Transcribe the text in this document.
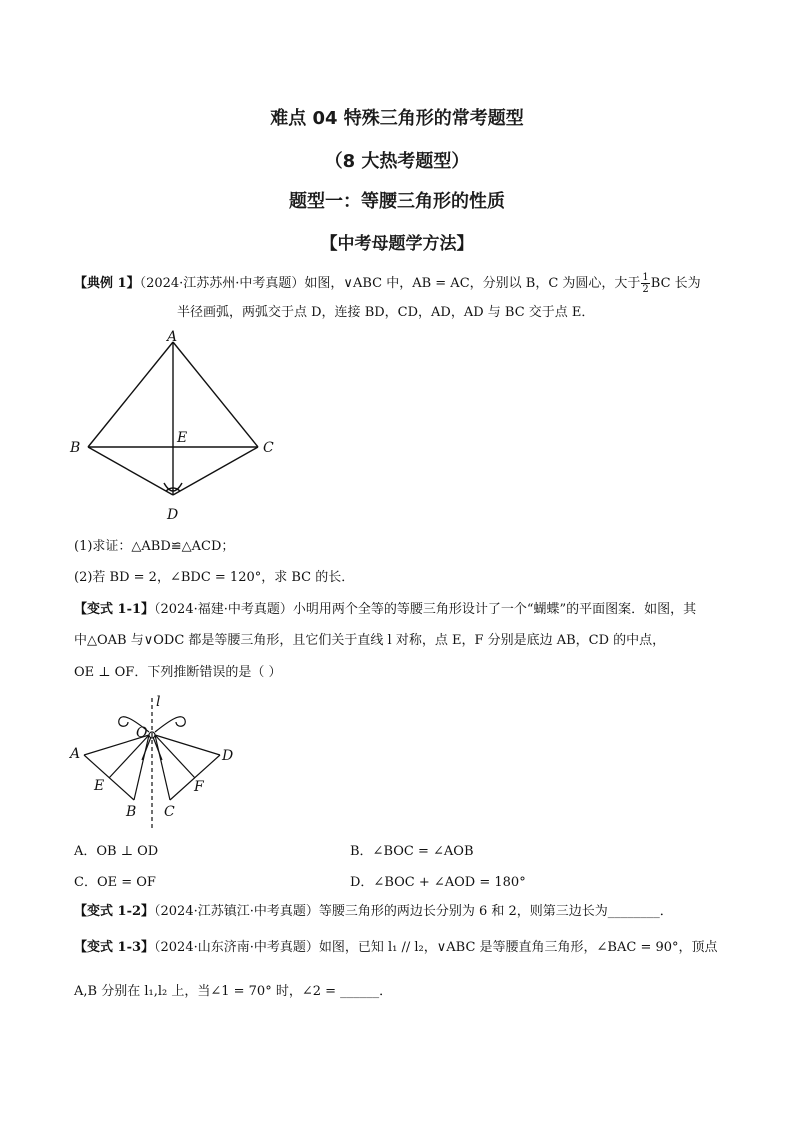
难点 04 特殊三角形的常考题型
（8 大热考题型）
题型一：等腰三角形的性质
【中考母题学方法】
【典例 1】（2024·江苏苏州·中考真题）如图，∨ABC 中，AB = AC，分别以 B，C 为圆心，大于 $\frac{1}{2}$ BC 长为
半径画弧，两弧交于点 D，连接 BD，CD，AD，AD 与 BC 交于点 E．
A
B	C
D
E
(1)求证：△ABD≌△ACD；
(2)若 BD = 2，∠BDC = 120°，求 BC 的长．
【变式 1-1】（2024·福建·中考真题）小明用两个全等的等腰三角形设计了一个“蝴蝶”的平面图案．如图，其
中△OAB 与∨ODC 都是等腰三角形，且它们关于直线 l 对称，点 E，F 分别是底边 AB，CD 的中点，
OE ⊥ OF．下列推断错误的是（ ）
l
O
A
E
B C
F
D
A．OB ⊥ OD	B．∠BOC = ∠AOB
C．OE = OF	D．∠BOC + ∠AOD = 180°
【变式 1-2】（2024·江苏镇江·中考真题）等腰三角形的两边长分别为 6 和 2，则第三边长为________．
【变式 1-3】（2024·山东济南·中考真题）如图，已知 l₁ // l₂，∨ABC 是等腰直角三角形，∠BAC = 90°，顶点
A,B 分别在 l₁,l₂ 上，当∠1 = 70° 时，∠2 = ______．
